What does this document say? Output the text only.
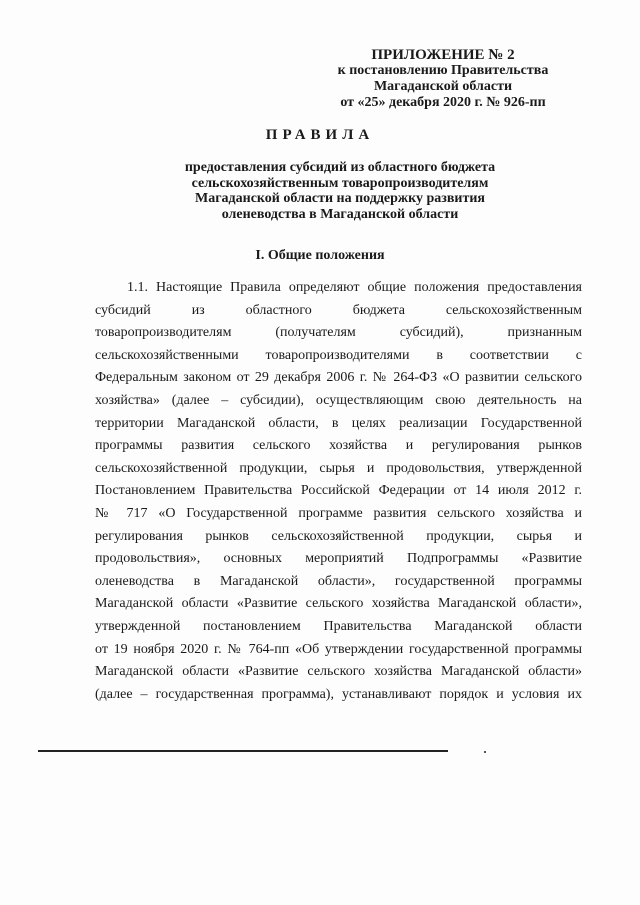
ПРИЛОЖЕНИЕ № 2
к постановлению Правительства
Магаданской области
от «25» декабря 2020 г. № 926-пп
ПРАВИЛА
предоставления субсидий из областного бюджета
сельскохозяйственным товаропроизводителям
Магаданской области на поддержку развития
оленеводства в Магаданской области
I. Общие положения
1.1. Настоящие Правила определяют общие положения предоставления
субсидий из областного бюджета сельскохозяйственным
товаропроизводителям (получателям субсидий), признанным
сельскохозяйственными товаропроизводителями в соответствии с
Федеральным законом от 29 декабря 2006 г. № 264-ФЗ «О развитии сельского
хозяйства» (далее – субсидии), осуществляющим свою деятельность на
территории Магаданской области, в целях реализации Государственной
программы развития сельского хозяйства и регулирования рынков
сельскохозяйственной продукции, сырья и продовольствия, утвержденной
Постановлением Правительства Российской Федерации от 14 июля 2012 г.
№ 717 «О Государственной программе развития сельского хозяйства и
регулирования рынков сельскохозяйственной продукции, сырья и
продовольствия», основных мероприятий Подпрограммы «Развитие
оленеводства в Магаданской области», государственной программы
Магаданской области «Развитие сельского хозяйства Магаданской области»,
утвержденной постановлением Правительства Магаданской области
от 19 ноября 2020 г. № 764-пп «Об утверждении государственной программы
Магаданской области «Развитие сельского хозяйства Магаданской области»
(далее – государственная программа), устанавливают порядок и условия их
